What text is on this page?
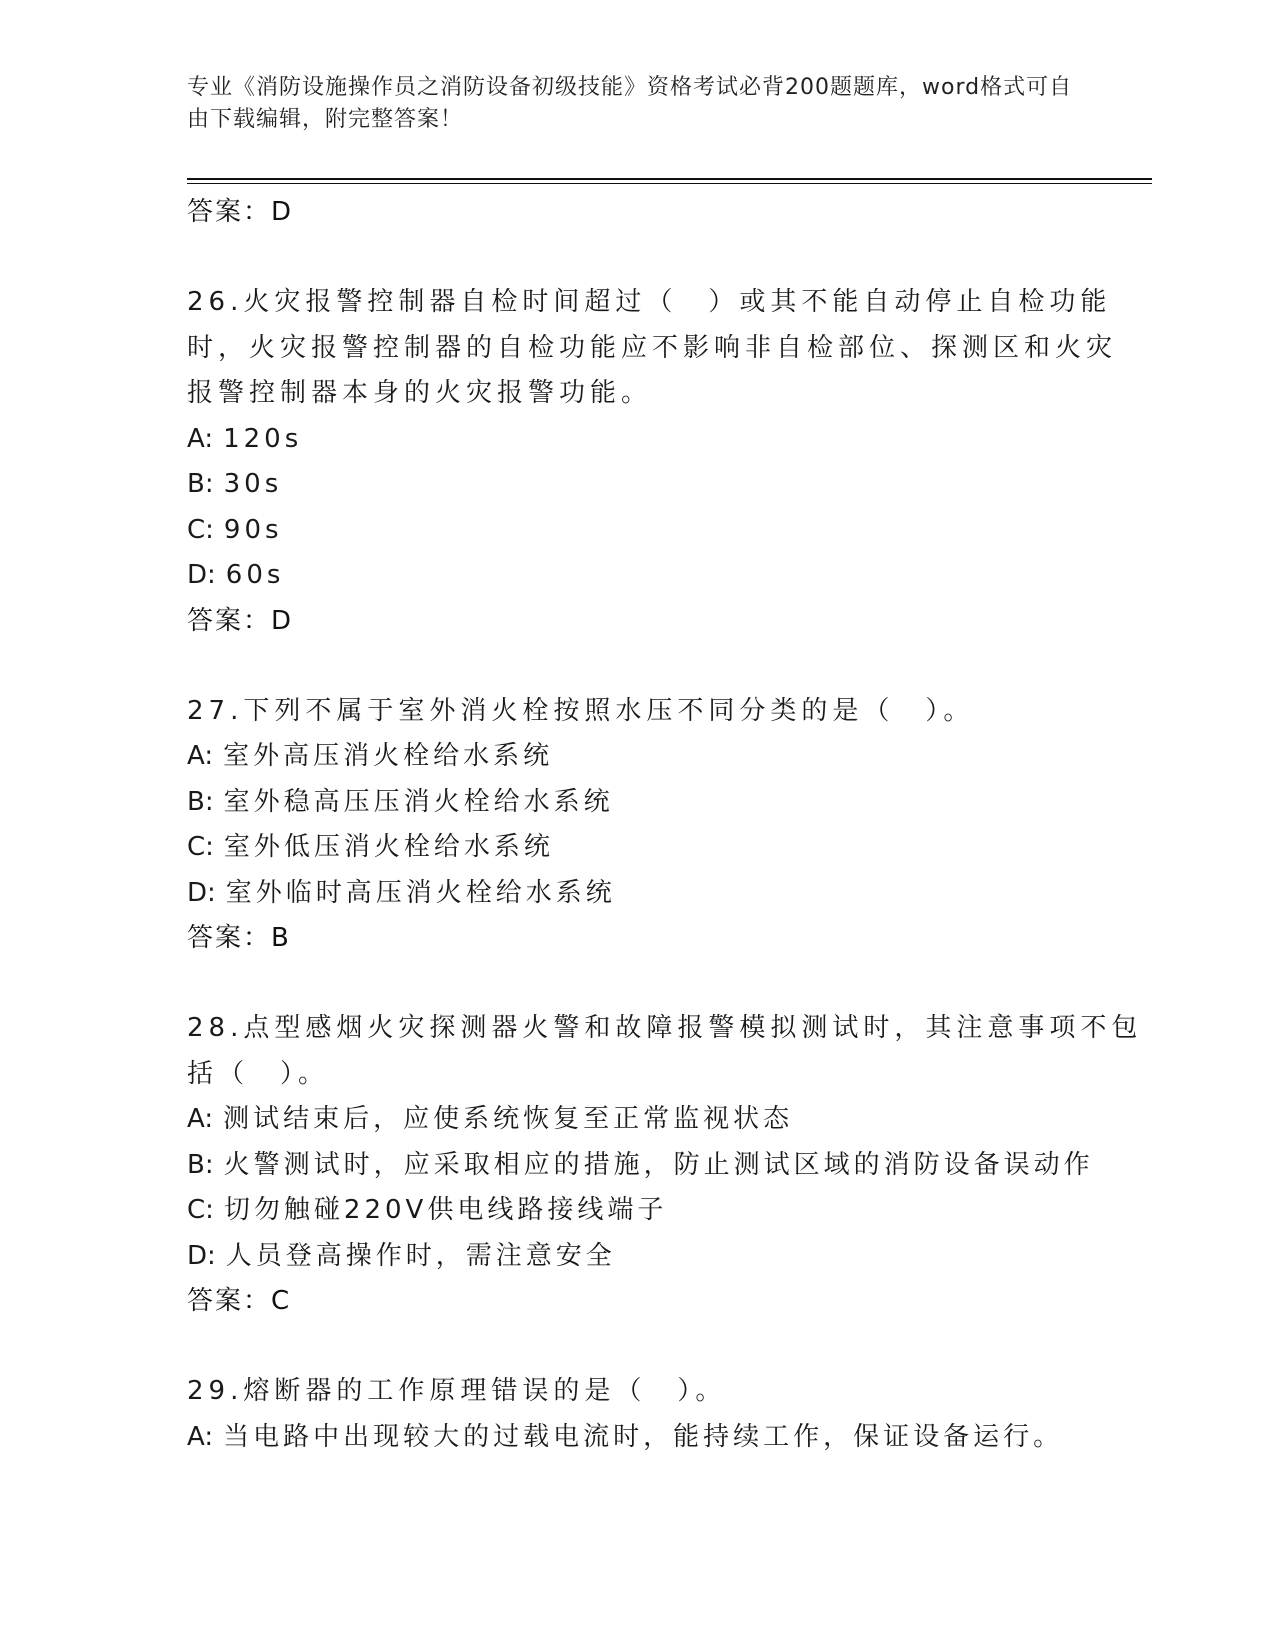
专业《消防设施操作员之消防设备初级技能》资格考试必背200题题库，word格式可自由下载编辑，附完整答案！
答案：D
26.火灾报警控制器自检时间超过（　）或其不能自动停止自检功能时，火灾报警控制器的自检功能应不影响非自检部位、探测区和火灾报警控制器本身的火灾报警功能。
A: 120s
B: 30s
C: 90s
D: 60s
答案：D
27.下列不属于室外消火栓按照水压不同分类的是（　）。
A: 室外高压消火栓给水系统
B: 室外稳高压压消火栓给水系统
C: 室外低压消火栓给水系统
D: 室外临时高压消火栓给水系统
答案：B
28.点型感烟火灾探测器火警和故障报警模拟测试时，其注意事项不包括（　）。
A: 测试结束后，应使系统恢复至正常监视状态
B: 火警测试时，应采取相应的措施，防止测试区域的消防设备误动作
C: 切勿触碰220V供电线路接线端子
D: 人员登高操作时，需注意安全
答案：C
29.熔断器的工作原理错误的是（　）。
A: 当电路中出现较大的过载电流时，能持续工作，保证设备运行。
